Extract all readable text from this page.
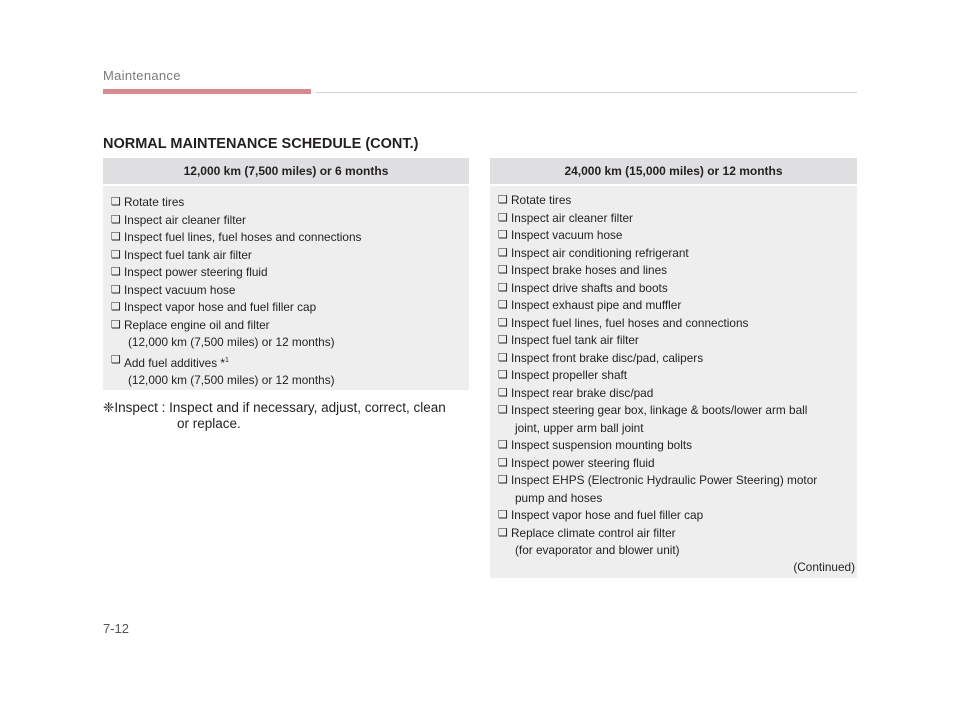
Maintenance
NORMAL MAINTENANCE SCHEDULE (CONT.)
12,000 km (7,500 miles) or 6 months
❑ Rotate tires
❑ Inspect air cleaner filter
❑ Inspect fuel lines, fuel hoses and connections
❑ Inspect fuel tank air filter
❑ Inspect power steering fluid
❑ Inspect vacuum hose
❑ Inspect vapor hose and fuel filler cap
❑ Replace engine oil and filter
(12,000 km (7,500 miles) or 12 months)
❑ Add fuel additives *$^1$
(12,000 km (7,500 miles) or 12 months)
❈Inspect : Inspect and if necessary, adjust, correct, clean
or replace.
24,000 km (15,000 miles) or 12 months
❑ Rotate tires
❑ Inspect air cleaner filter
❑ Inspect vacuum hose
❑ Inspect air conditioning refrigerant
❑ Inspect brake hoses and lines
❑ Inspect drive shafts and boots
❑ Inspect exhaust pipe and muffler
❑ Inspect fuel lines, fuel hoses and connections
❑ Inspect fuel tank air filter
❑ Inspect front brake disc/pad, calipers
❑ Inspect propeller shaft
❑ Inspect rear brake disc/pad
❑ Inspect steering gear box, linkage & boots/lower arm ball
joint, upper arm ball joint
❑ Inspect suspension mounting bolts
❑ Inspect power steering fluid
❑ Inspect EHPS (Electronic Hydraulic Power Steering) motor
pump and hoses
❑ Inspect vapor hose and fuel filler cap
❑ Replace climate control air filter
(for evaporator and blower unit)
(Continued)
7-12
